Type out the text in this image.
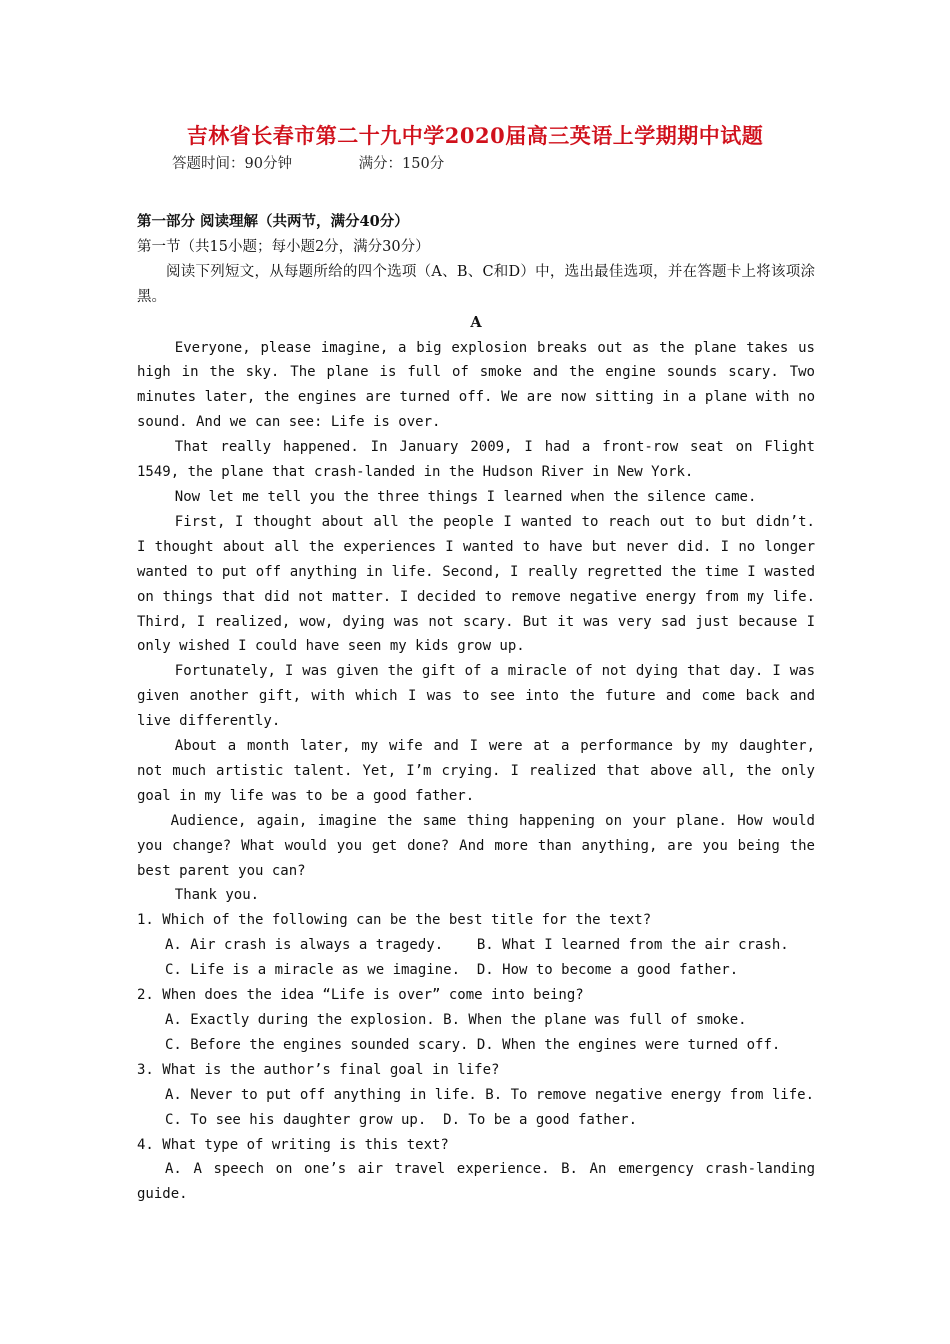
吉林省长春市第二十九中学2020届高三英语上学期期中试题
答题时间：90分钟	满分：150分

第一部分 阅读理解（共两节，满分40分）

第一节（共15小题；每小题2分，满分30分）

阅读下列短文，从每题所给的四个选项（A、B、C和D）中，选出最佳选项，并在答题卡上将该项涂黑。

A

Everyone, please imagine, a big explosion breaks out as the plane takes us high in the sky. The plane is full of smoke and the engine sounds scary. Two minutes later, the engines are turned off. We are now sitting in a plane with no sound. And we can see: Life is over.

That really happened. In January 2009, I had a front-row seat on Flight 1549, the plane that crash-landed in the Hudson River in New York.

Now let me tell you the three things I learned when the silence came.

First, I thought about all the people I wanted to reach out to but didn’t. I thought about all the experiences I wanted to have but never did. I no longer wanted to put off anything in life. Second, I really regretted the time I wasted on things that did not matter. I decided to remove negative energy from my life. Third, I realized, wow, dying was not scary. But it was very sad just because I only wished I could have seen my kids grow up.

Fortunately, I was given the gift of a miracle of not dying that day. I was given another gift, with which I was to see into the future and come back and live differently.

About a month later, my wife and I were at a performance by my daughter, not much artistic talent. Yet, I’m crying. I realized that above all, the only goal in my life was to be a good father.

Audience, again, imagine the same thing happening on your plane. How would you change? What would you get done? And more than anything, are you being the best parent you can?

Thank you.

1. Which of the following can be the best title for the text?

A. Air crash is always a tragedy.    B. What I learned from the air crash.

C. Life is a miracle as we imagine.  D. How to become a good father.

2. When does the idea “Life is over” come into being?

A. Exactly during the explosion. B. When the plane was full of smoke.

C. Before the engines sounded scary. D. When the engines were turned off.

3. What is the author’s final goal in life?

A. Never to put off anything in life. B. To remove negative energy from life.

C. To see his daughter grow up.  D. To be a good father.

4. What type of writing is this text?

A. A speech on one’s air travel experience. B. An emergency crash-landing guide.
